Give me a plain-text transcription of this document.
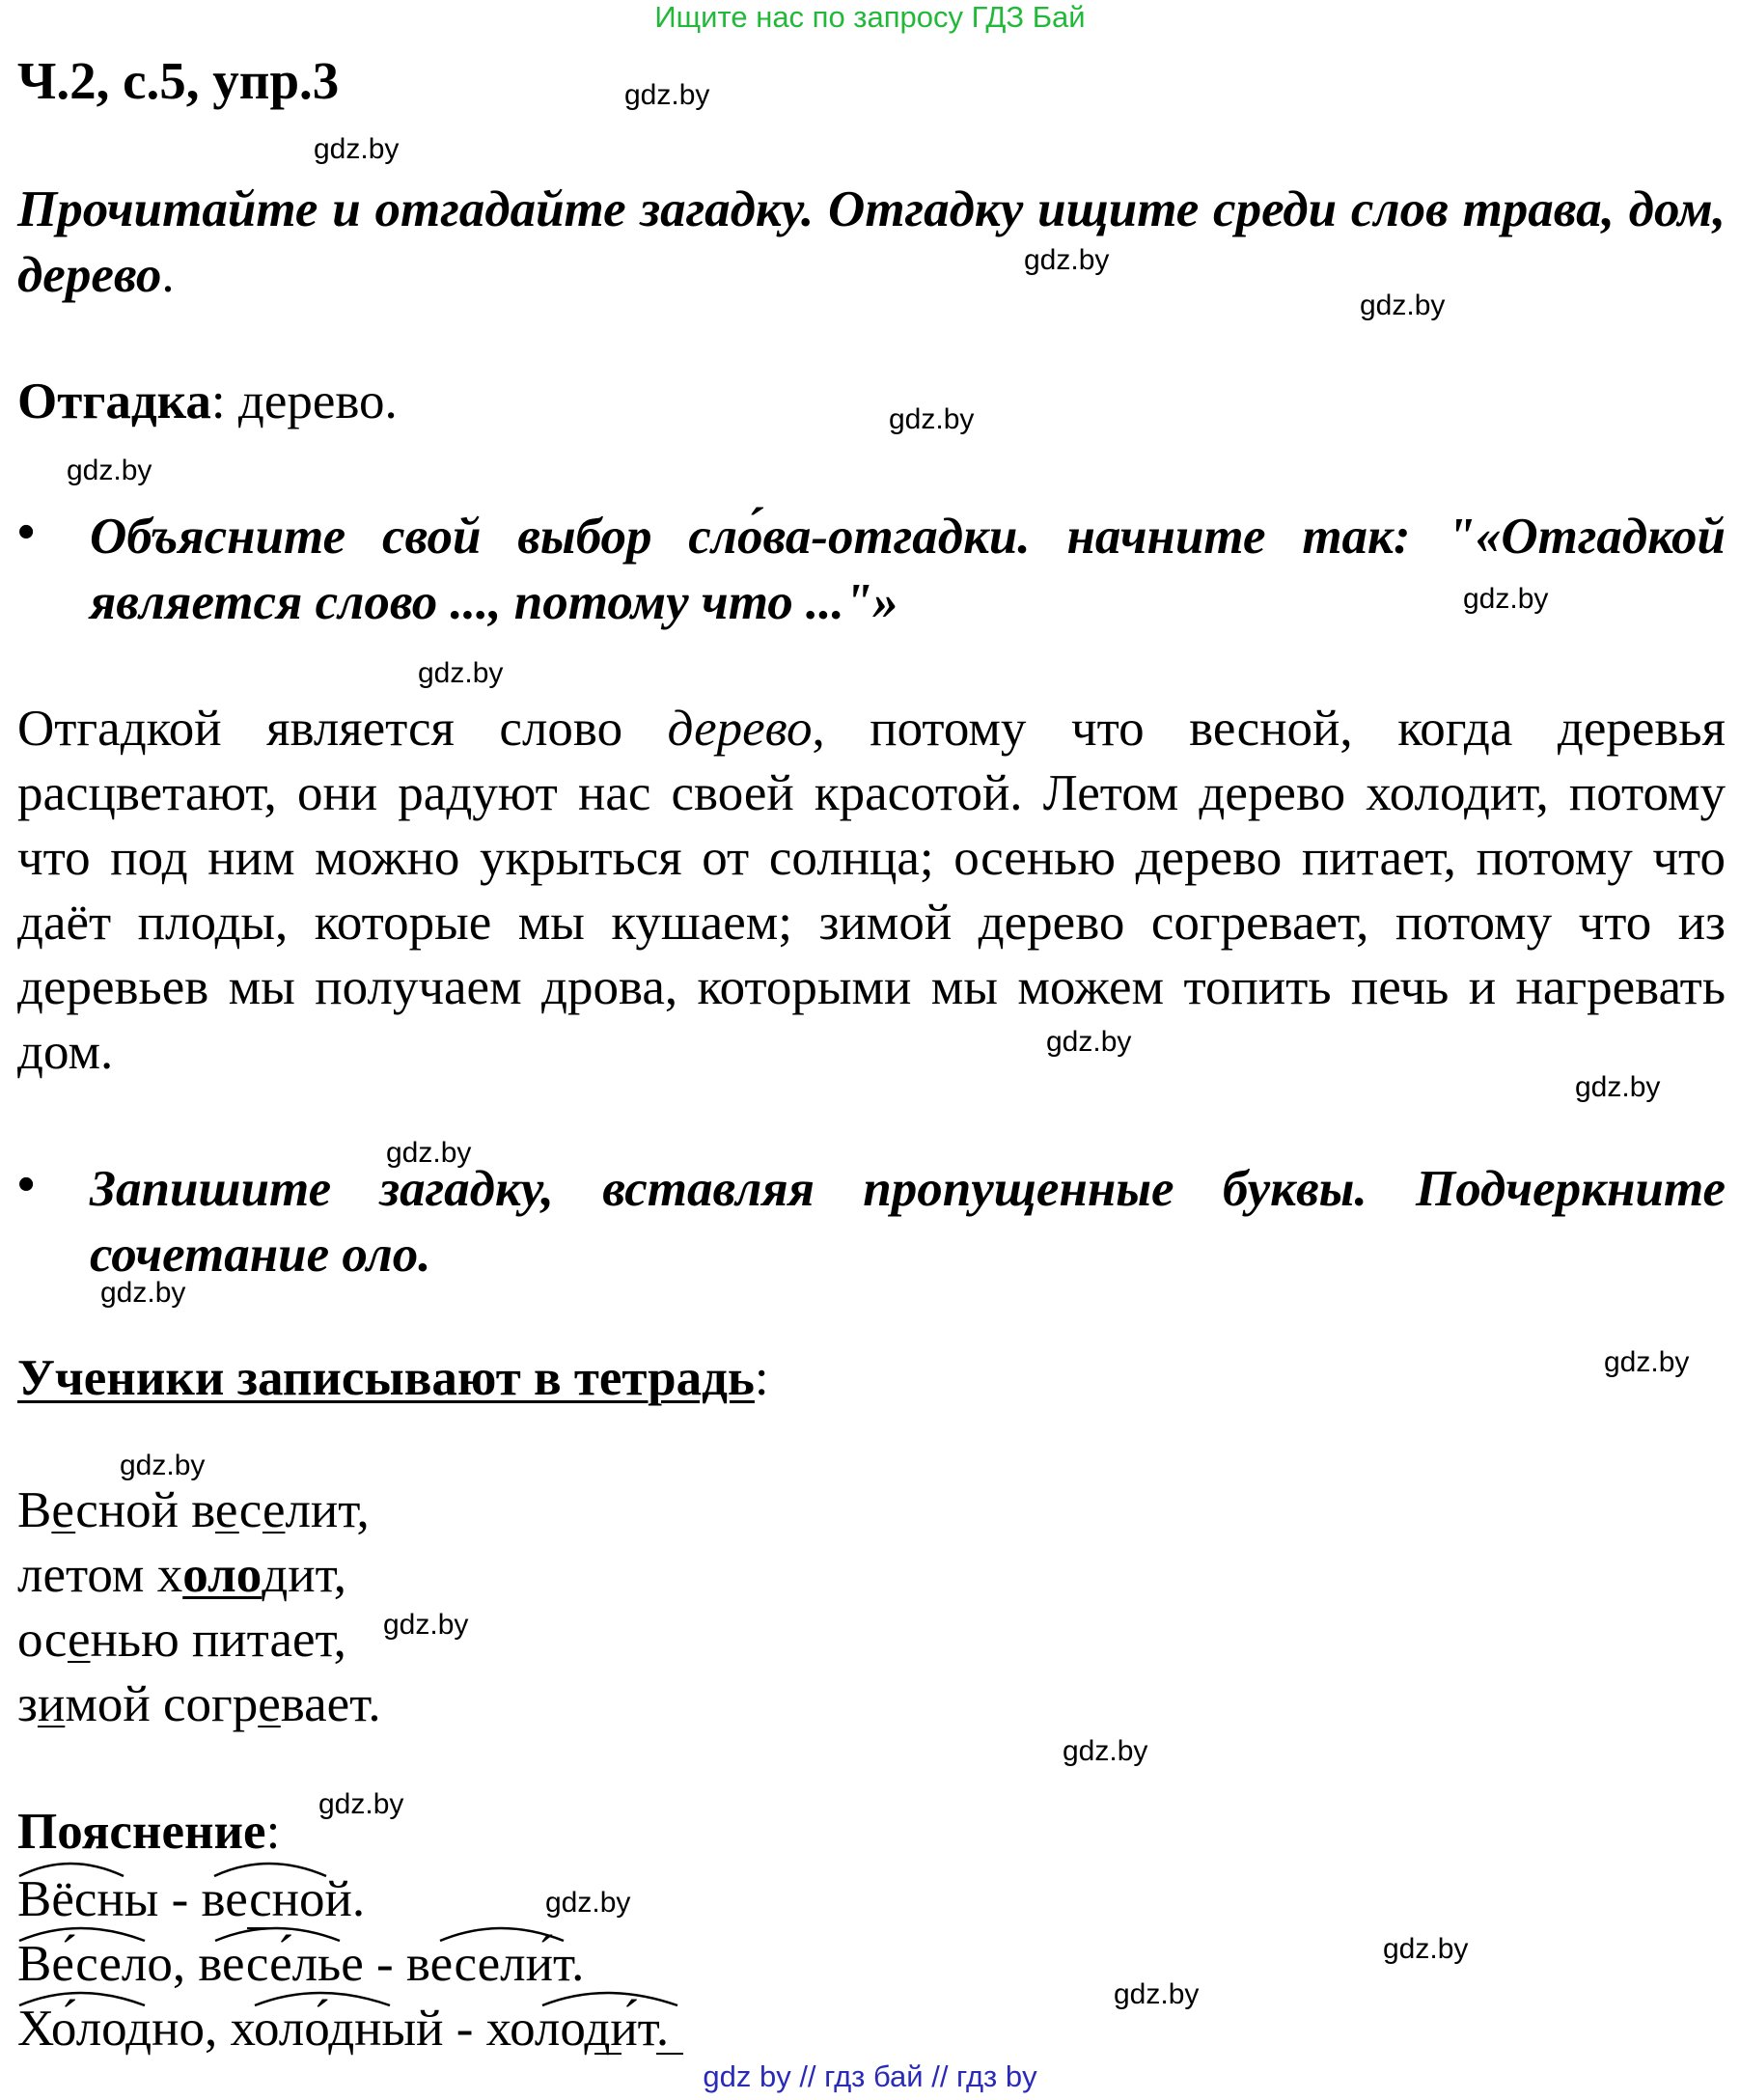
Ищите нас по запросу ГДЗ Бай
gdz.by
gdz.by
gdz.by
gdz.by
gdz.by
gdz.by
gdz.by
gdz.by
gdz.by
gdz.by
gdz.by
gdz.by
gdz.by
gdz.by
gdz.by
gdz.by
gdz.by
gdz.by
gdz.by
gdz.by
Ч.2, с.5, упр.3
Прочитайте и отгадайте загадку. Отгадку ищите среди слов трава, дом, дерево.
Отгадка: дерево.
• Объясните свой выбор сло́ва-отгадки. начните так: "«Отгадкой является слово ..., потому что ..."»
Отгадкой является слово дерево, потому что весной, когда деревья расцветают, они радуют нас своей красотой. Летом дерево холодит, потому что под ним можно укрыться от солнца; осенью дерево питает, потому что даёт плоды, которые мы кушаем; зимой дерево согревает, потому что из деревьев мы получаем дрова, которыми мы можем топить печь и нагревать дом.
• Запишите загадку, вставляя пропущенные буквы. Подчеркните сочетание оло.
Ученики записывают в тетрадь:
Весной веселит,
летом холодит,
осенью питает,
зимой согревает.
Пояснение:
Вёсны - весной.
Ве́село, весе́лье - весели́т.
Хо́лодно, холо́дный - холоди́т.
gdz by // гдз бай // гдз by
